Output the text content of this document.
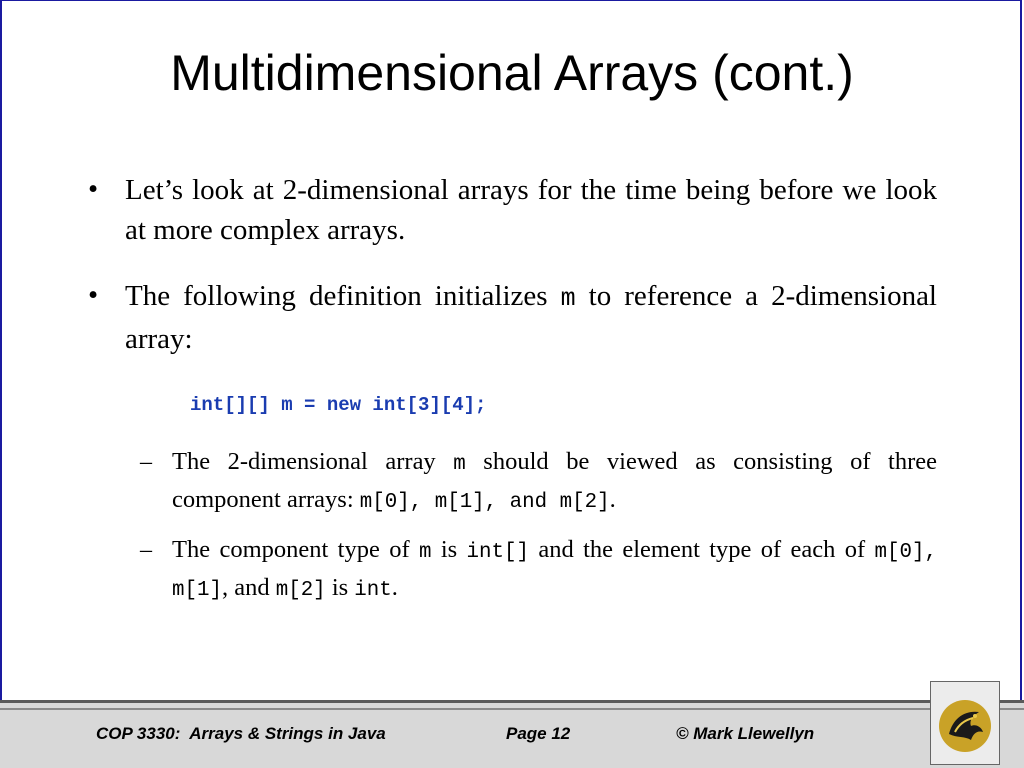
Multidimensional Arrays (cont.)
• Let’s look at 2-dimensional arrays for the time being before we look at more complex arrays.
• The following definition initializes m to reference a 2-dimensional array:
int[][] m = new int[3][4];
– The 2-dimensional array m should be viewed as consisting of three component arrays: m[0], m[1], and m[2].
– The component type of m is int[] and the element type of each of m[0], m[1], and m[2] is int.
COP 3330:  Arrays & Strings in Java	Page 12	© Mark Llewellyn
